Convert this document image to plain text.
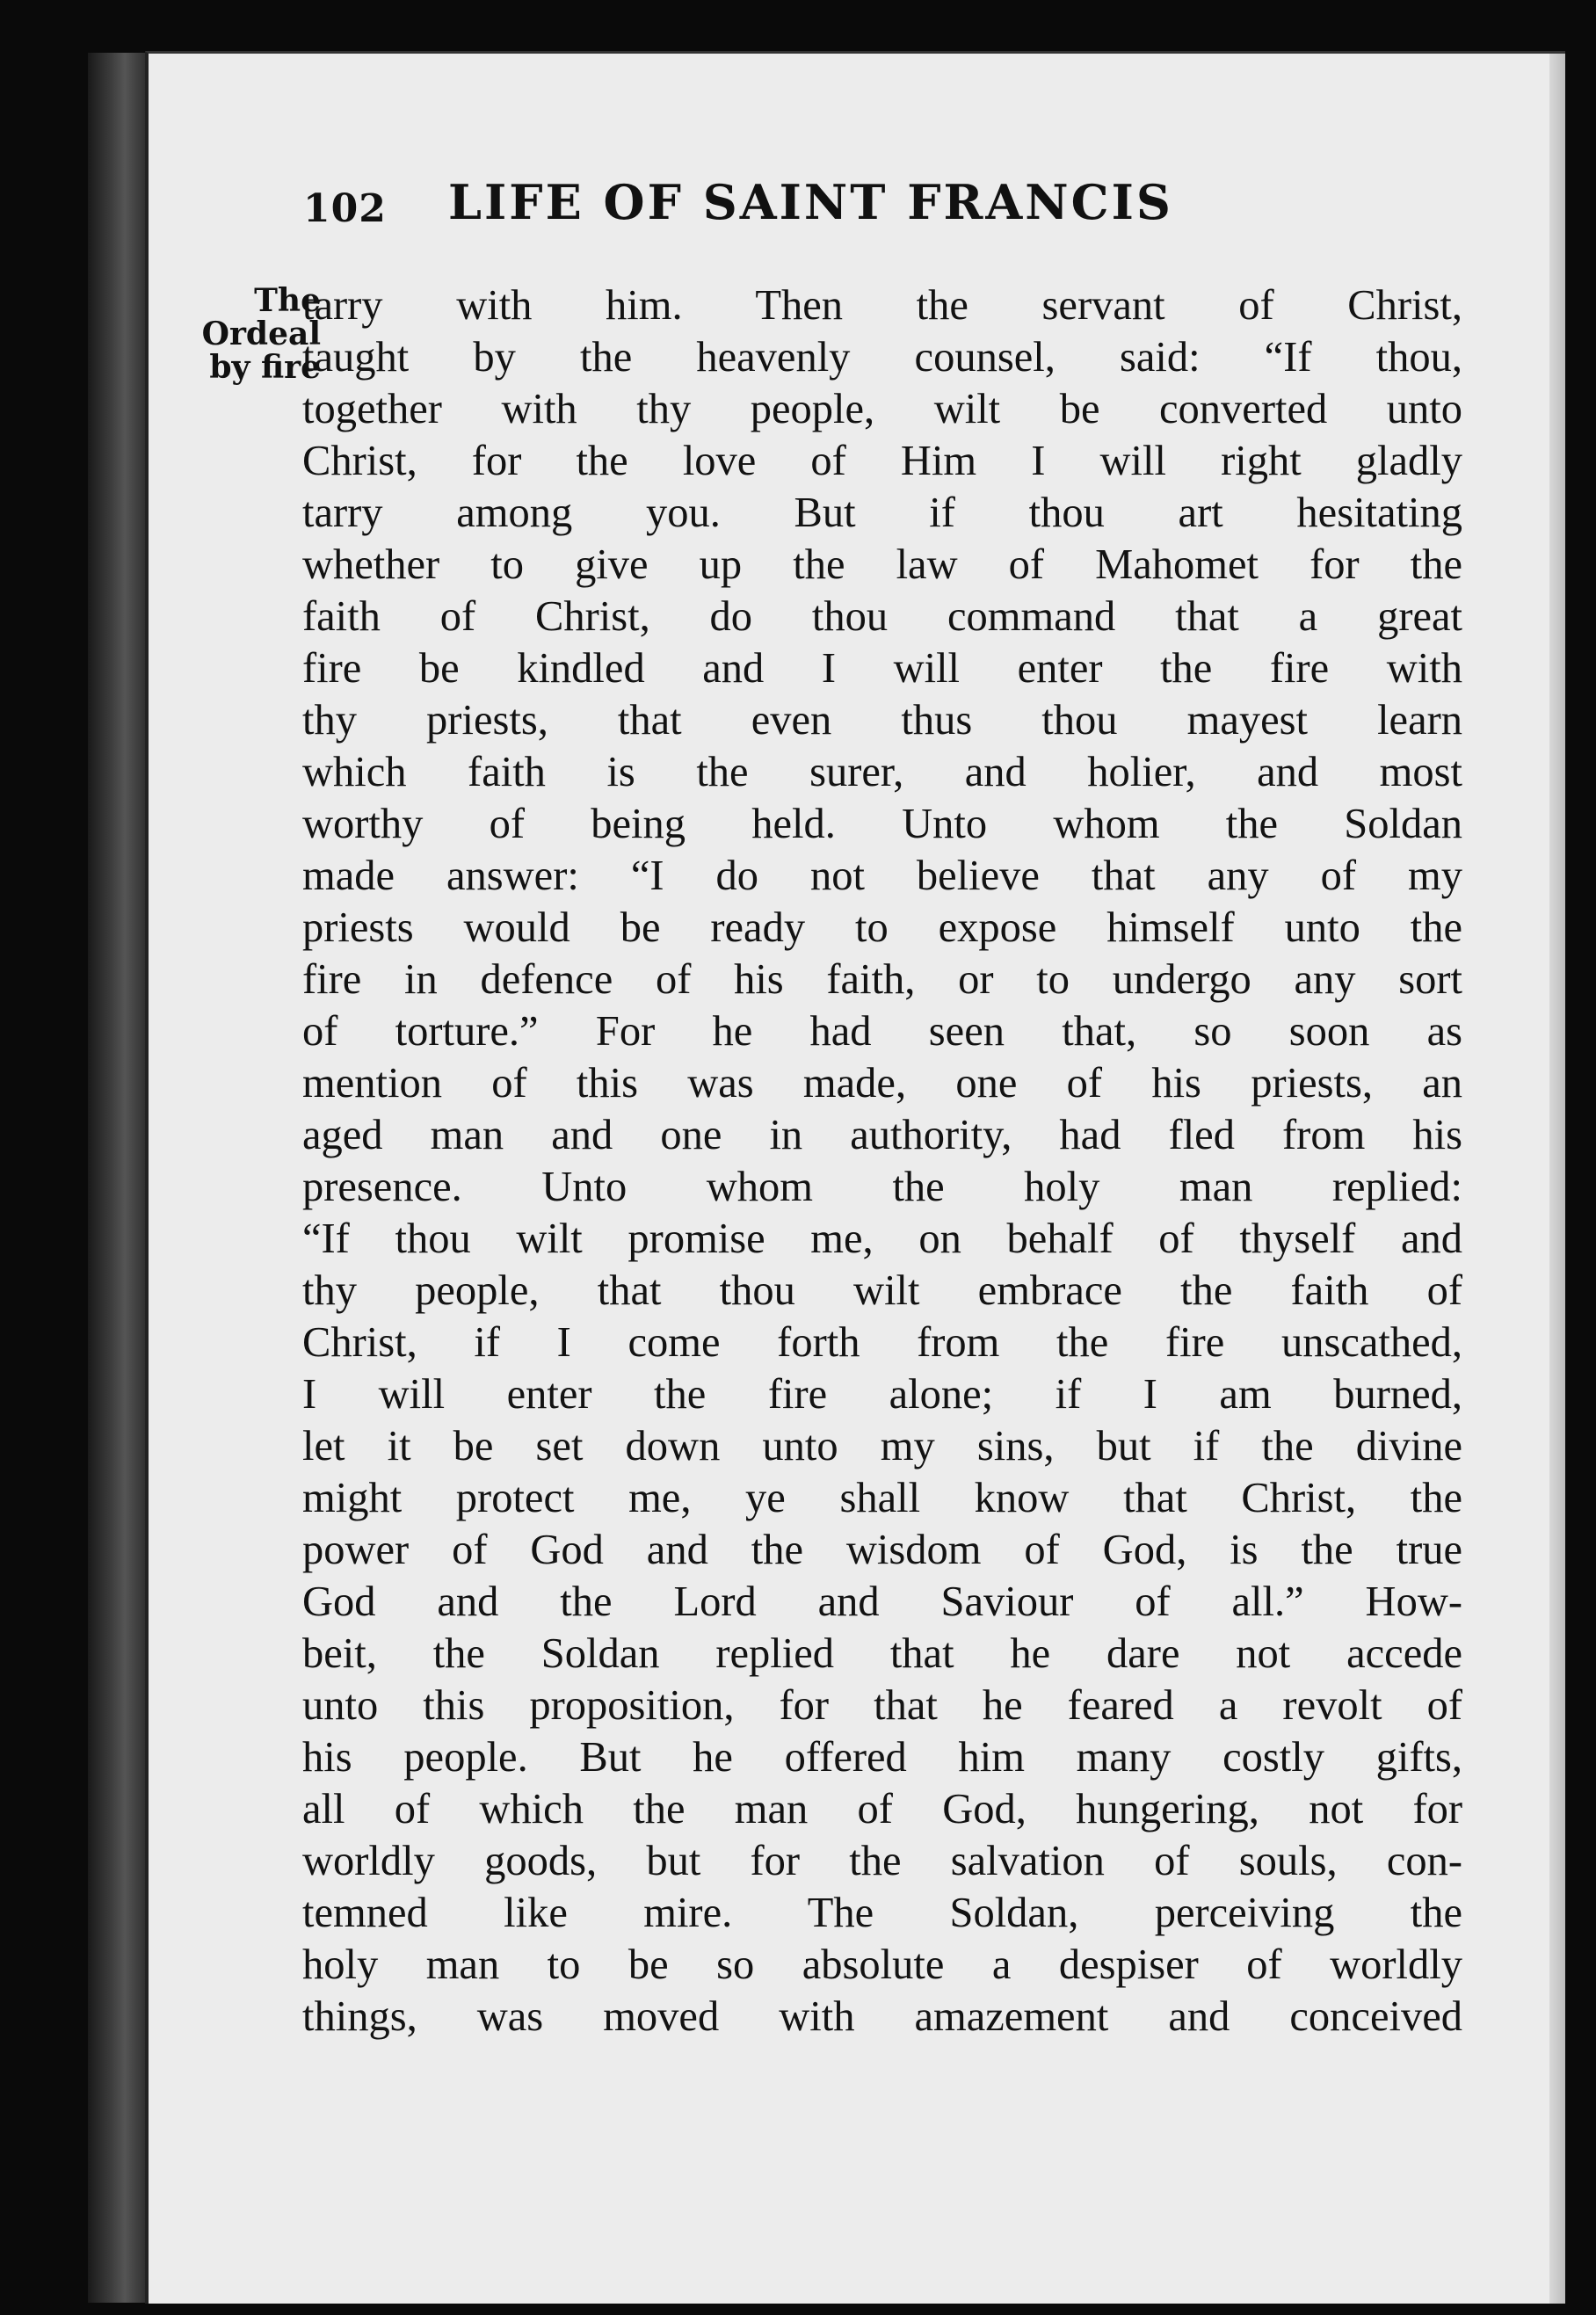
102 LIFE OF SAINT FRANCIS
The
Ordeal
by fire
tarry with him. Then the servant of Christ,
taught by the heavenly counsel, said: “If thou,
together with thy people, wilt be converted unto
Christ, for the love of Him I will right gladly
tarry among you. But if thou art hesitating
whether to give up the law of Mahomet for the
faith of Christ, do thou command that a great
fire be kindled and I will enter the fire with
thy priests, that even thus thou mayest learn
which faith is the surer, and holier, and most
worthy of being held. Unto whom the Soldan
made answer: “I do not believe that any of my
priests would be ready to expose himself unto the
fire in defence of his faith, or to undergo any sort
of torture.” For he had seen that, so soon as
mention of this was made, one of his priests, an
aged man and one in authority, had fled from his
presence. Unto whom the holy man replied:
“If thou wilt promise me, on behalf of thyself and
thy people, that thou wilt embrace the faith of
Christ, if I come forth from the fire unscathed,
I will enter the fire alone; if I am burned,
let it be set down unto my sins, but if the divine
might protect me, ye shall know that Christ, the
power of God and the wisdom of God, is the true
God and the Lord and Saviour of all.” How-
beit, the Soldan replied that he dare not accede
unto this proposition, for that he feared a revolt of
his people. But he offered him many costly gifts,
all of which the man of God, hungering, not for
worldly goods, but for the salvation of souls, con-
temned like mire. The Soldan, perceiving the
holy man to be so absolute a despiser of worldly
things, was moved with amazement and conceived
